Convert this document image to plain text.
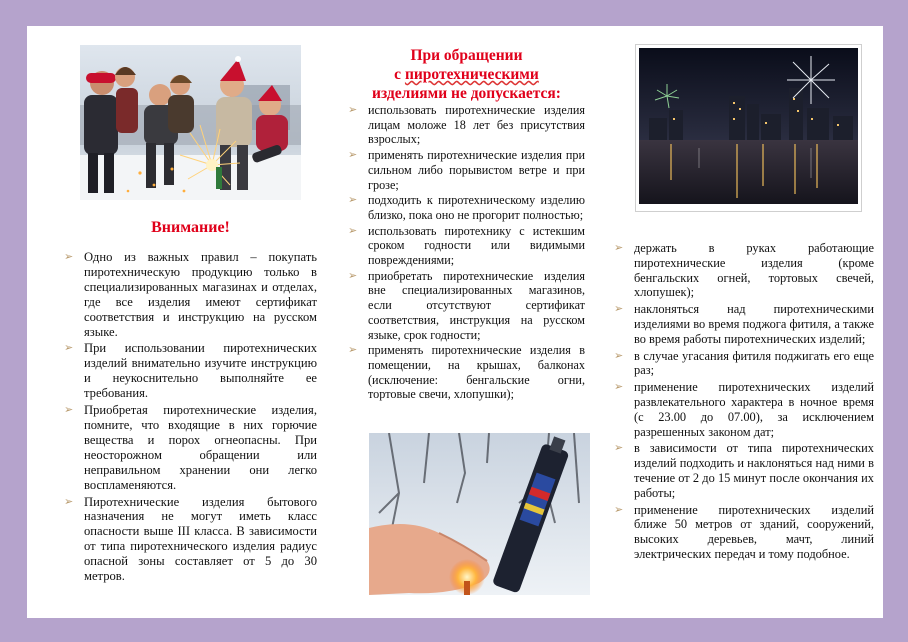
Внимание!
➢ Одно из важных правил – покупать пиротехническую продукцию только в специализированных магазинах и отделах, где все изделия имеют сертификат соответствия и инструкцию на русском языке.
➢ При использовании пиротехнических изделий внимательно изучите инструкцию и неукоснительно выполняйте ее требования.
➢ Приобретая пиротехнические изделия, помните, что входящие в них горючие вещества и порох огнеопасны. При неосторожном обращении или неправильном хранении они легко воспламеняются.
➢ Пиротехнические изделия бытового назначения не могут иметь класс опасности выше III класса. В зависимости от типа пиротехнического изделия радиус опасной зоны составляет от 5 до 30 метров.
При обращении
с пиротехническими
изделиями не допускается:
➢ использовать пиротехнические изделия лицам моложе 18 лет без присутствия взрослых;
➢ применять пиротехнические изделия при сильном либо порывистом ветре и при грозе;
➢ подходить к пиротехническому изделию близко, пока оно не прогорит полностью;
➢ использовать пиротехнику с истекшим сроком годности или видимыми повреждениями;
➢ приобретать пиротехнические изделия вне специализированных магазинов, если отсутствуют сертификат соответствия, инструкция на русском языке, срок годности;
➢ применять пиротехнические изделия в помещении, на крышах, балконах (исключение: бенгальские огни, тортовые свечи, хлопушки);
➢ держать в руках работающие пиротехнические изделия (кроме бенгальских огней, тортовых свечей, хлопушек);
➢ наклоняться над пиротехническими изделиями во время поджога фитиля, а также во время работы пиротехнических изделий;
➢ в случае угасания фитиля поджигать его еще раз;
➢ применение пиротехнических изделий развлекательного характера в ночное время (с 23.00 до 07.00), за исключением разрешенных законом дат;
➢ в зависимости от типа пиротехнических изделий подходить и наклоняться над ними в течение от 2 до 15 минут после окончания их работы;
➢ применение пиротехнических изделий ближе 50 метров от зданий, сооружений, высоких деревьев, мачт, линий электрических передач и тому подобное.
